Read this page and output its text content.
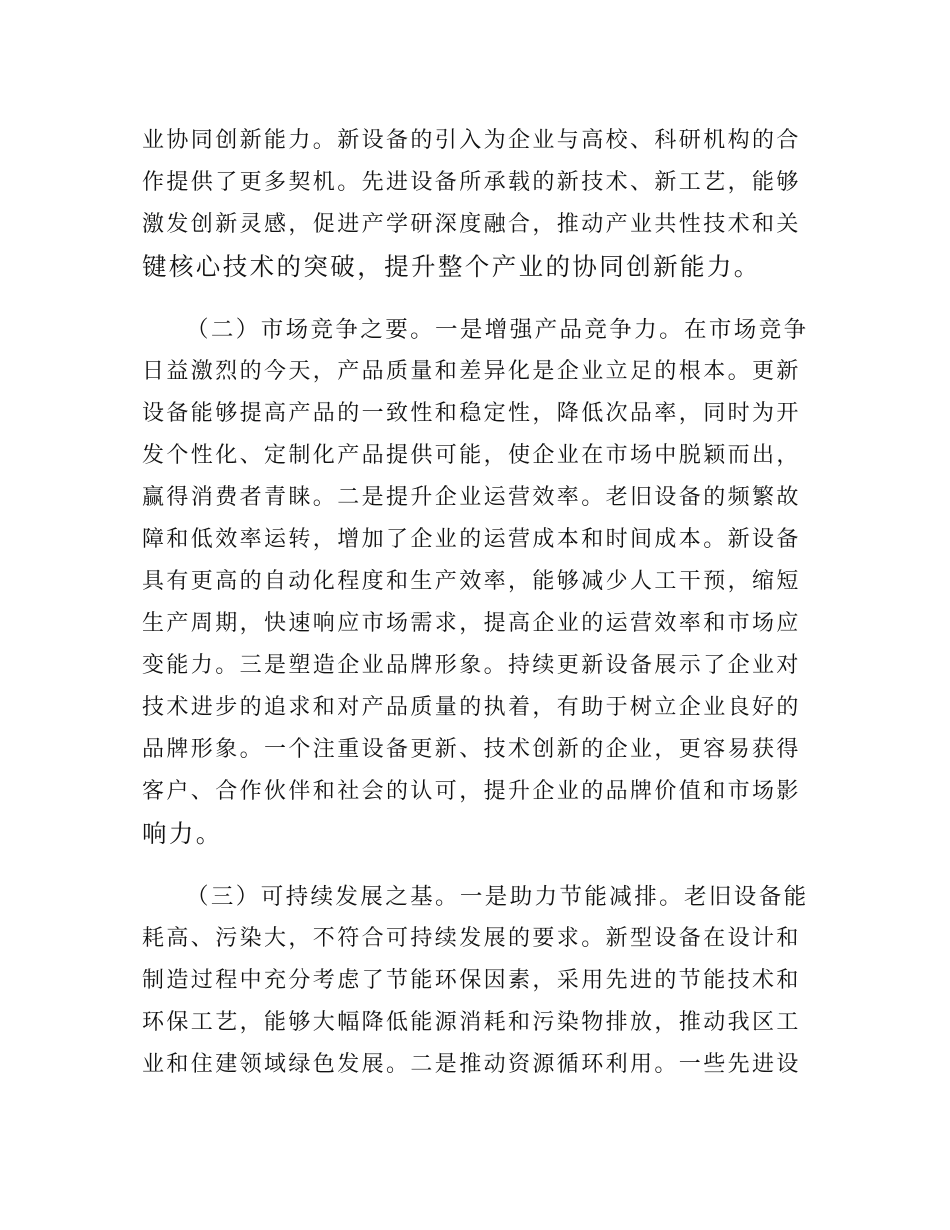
业协同创新能力。新设备的引入为企业与高校、科研机构的合
作提供了更多契机。先进设备所承载的新技术、新工艺，能够
激发创新灵感，促进产学研深度融合，推动产业共性技术和关
键核心技术的突破，提升整个产业的协同创新能力。
（二）市场竞争之要。一是增强产品竞争力。在市场竞争
日益激烈的今天，产品质量和差异化是企业立足的根本。更新
设备能够提高产品的一致性和稳定性，降低次品率，同时为开
发个性化、定制化产品提供可能，使企业在市场中脱颖而出，
赢得消费者青睐。二是提升企业运营效率。老旧设备的频繁故
障和低效率运转，增加了企业的运营成本和时间成本。新设备
具有更高的自动化程度和生产效率，能够减少人工干预，缩短
生产周期，快速响应市场需求，提高企业的运营效率和市场应
变能力。三是塑造企业品牌形象。持续更新设备展示了企业对
技术进步的追求和对产品质量的执着，有助于树立企业良好的
品牌形象。一个注重设备更新、技术创新的企业，更容易获得
客户、合作伙伴和社会的认可，提升企业的品牌价值和市场影
响力。
（三）可持续发展之基。一是助力节能减排。老旧设备能
耗高、污染大，不符合可持续发展的要求。新型设备在设计和
制造过程中充分考虑了节能环保因素，采用先进的节能技术和
环保工艺，能够大幅降低能源消耗和污染物排放，推动我区工
业和住建领域绿色发展。二是推动资源循环利用。一些先进设
